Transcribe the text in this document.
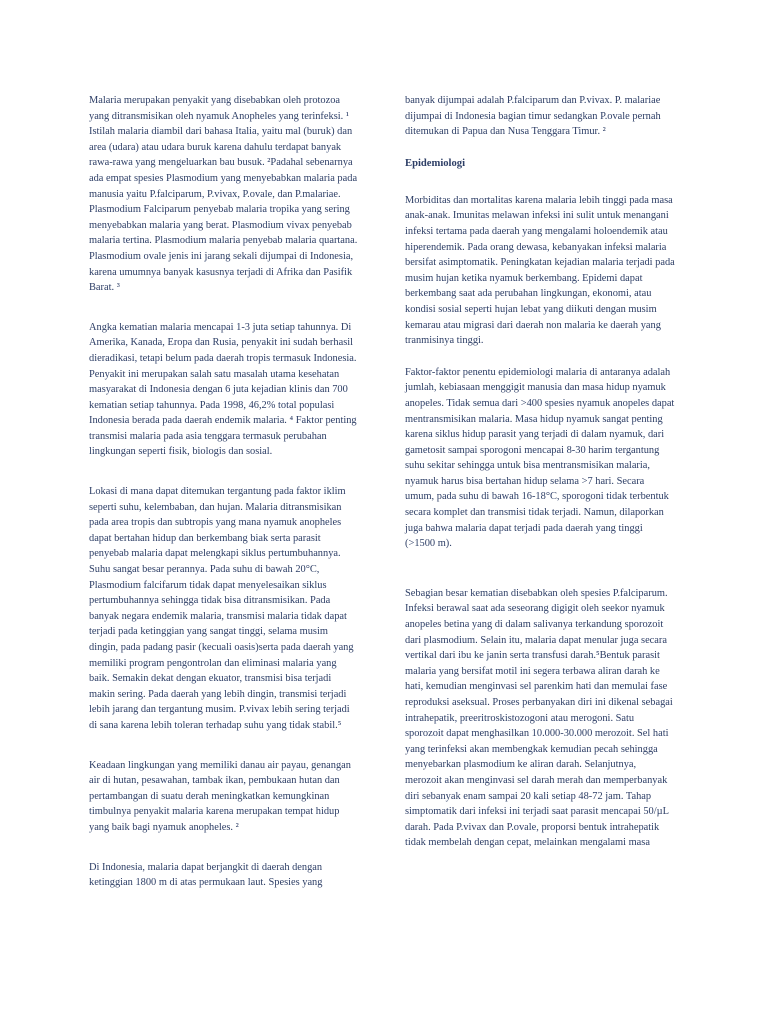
Malaria merupakan penyakit yang disebabkan oleh protozoa yang ditransmisikan oleh nyamuk Anopheles yang terinfeksi. ¹ Istilah malaria diambil dari bahasa Italia, yaitu mal (buruk) dan area (udara) atau udara buruk karena dahulu terdapat banyak rawa-rawa yang mengeluarkan bau busuk. ²Padahal sebenarnya ada empat spesies Plasmodium yang menyebabkan malaria pada manusia yaitu P.falciparum, P.vivax, P.ovale, dan P.malariae. Plasmodium Falciparum penyebab malaria tropika yang sering menyebabkan malaria yang berat. Plasmodium vivax penyebab malaria tertina. Plasmodium malaria penyebab malaria quartana. Plasmodium ovale jenis ini jarang sekali dijumpai di Indonesia, karena umumnya banyak kasusnya terjadi di Afrika dan Pasifik Barat. ³

Angka kematian malaria mencapai 1-3 juta setiap tahunnya. Di Amerika, Kanada, Eropa dan Rusia, penyakit ini sudah berhasil dieradikasi, tetapi belum pada daerah tropis termasuk Indonesia. Penyakit ini merupakan salah satu masalah utama kesehatan masyarakat di Indonesia dengan 6 juta kejadian klinis dan 700 kematian setiap tahunnya. Pada 1998, 46,2% total populasi Indonesia berada pada daerah endemik malaria. ⁴ Faktor penting transmisi malaria pada asia tenggara termasuk perubahan lingkungan seperti fisik, biologis dan sosial.

Lokasi di mana dapat ditemukan tergantung pada faktor iklim seperti suhu, kelembaban, dan hujan. Malaria ditransmisikan pada area tropis dan subtropis yang mana nyamuk anopheles dapat bertahan hidup dan berkembang biak serta parasit penyebab malaria dapat melengkapi siklus pertumbuhannya. Suhu sangat besar perannya. Pada suhu di bawah 20°C, Plasmodium falcifarum tidak dapat menyelesaikan siklus pertumbuhannya sehingga tidak bisa ditransmisikan. Pada banyak negara endemik malaria, transmisi malaria tidak dapat terjadi pada ketinggian yang sangat tinggi, selama musim dingin, pada padang pasir (kecuali oasis)serta pada daerah yang memiliki program pengontrolan dan eliminasi malaria yang baik. Semakin dekat dengan ekuator, transmisi bisa terjadi makin sering. Pada daerah yang lebih dingin, transmisi terjadi lebih jarang dan tergantung musim. P.vivax lebih sering terjadi di sana karena lebih toleran terhadap suhu yang tidak stabil.⁵

Keadaan lingkungan yang memiliki danau air payau, genangan air di hutan, pesawahan, tambak ikan, pembukaan hutan dan pertambangan di suatu derah meningkatkan kemungkinan timbulnya penyakit malaria karena merupakan tempat hidup yang baik bagi nyamuk anopheles. ²

Di Indonesia, malaria dapat berjangkit di daerah dengan ketinggian 1800 m di atas permukaan laut. Spesies yang

banyak dijumpai adalah P.falciparum dan P.vivax. P. malariae dijumpai di Indonesia bagian timur sedangkan P.ovale pernah ditemukan di Papua dan Nusa Tenggara Timur. ²

Epidemiologi

Morbiditas dan mortalitas karena malaria lebih tinggi pada masa anak-anak. Imunitas melawan infeksi ini sulit untuk menangani infeksi tertama pada daerah yang mengalami holoendemik atau hiperendemik. Pada orang dewasa, kebanyakan infeksi malaria bersifat asimptomatik. Peningkatan kejadian malaria terjadi pada musim hujan ketika nyamuk berkembang. Epidemi dapat berkembang saat ada perubahan lingkungan, ekonomi, atau kondisi sosial seperti hujan lebat yang diikuti dengan musim kemarau atau migrasi dari daerah non malaria ke daerah yang tranmisinya tinggi.

Faktor-faktor penentu epidemiologi malaria di antaranya adalah jumlah, kebiasaan menggigit manusia dan masa hidup nyamuk anopeles. Tidak semua dari >400 spesies nyamuk anopeles dapat mentransmisikan malaria. Masa hidup nyamuk sangat penting karena siklus hidup parasit yang terjadi di dalam nyamuk, dari gametosit sampai sporogoni mencapai 8-30 harim tergantung suhu sekitar sehingga untuk bisa mentransmisikan malaria, nyamuk harus bisa bertahan hidup selama >7 hari. Secara umum, pada suhu di bawah 16-18°C, sporogoni tidak terbentuk secara komplet dan transmisi tidak terjadi. Namun, dilaporkan juga bahwa malaria dapat terjadi pada daerah yang tinggi (>1500 m).

Sebagian besar kematian disebabkan oleh spesies P.falciparum. Infeksi berawal saat ada seseorang digigit oleh seekor nyamuk anopeles betina yang di dalam salivanya terkandung sporozoit dari plasmodium. Selain itu, malaria dapat menular juga secara vertikal dari ibu ke janin serta transfusi darah.⁵Bentuk parasit malaria yang bersifat motil ini segera terbawa aliran darah ke hati, kemudian menginvasi sel parenkim hati dan memulai fase reproduksi aseksual. Proses perbanyakan diri ini dikenal sebagai intrahepatik, preeritroskistozogoni atau merogoni. Satu sporozoit dapat menghasilkan 10.000-30.000 merozoit. Sel hati yang terinfeksi akan membengkak kemudian pecah sehingga menyebarkan plasmodium ke aliran darah. Selanjutnya, merozoit akan menginvasi sel darah merah dan memperbanyak diri sebanyak enam sampai 20 kali setiap 48-72 jam. Tahap simptomatik dari infeksi ini terjadi saat parasit mencapai 50/µL darah. Pada P.vivax dan P.ovale, proporsi bentuk intrahepatik tidak membelah dengan cepat, melainkan mengalami masa
